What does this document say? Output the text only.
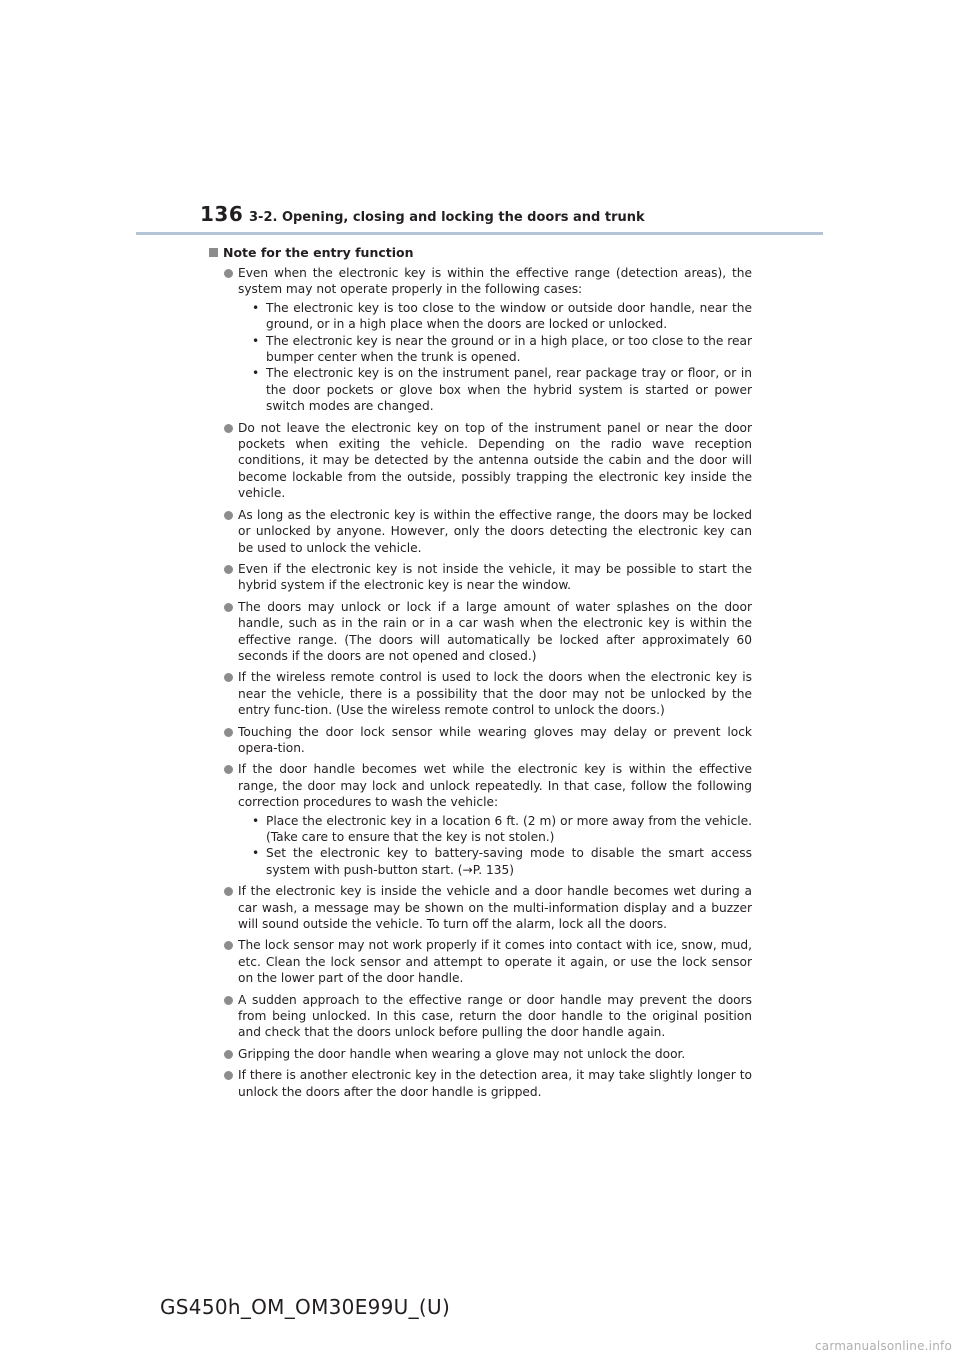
136 3-2. Opening, closing and locking the doors and trunk
Note for the entry function

Even when the electronic key is within the effective range (detection areas), the system may not operate properly in the following cases:

• The electronic key is too close to the window or outside door handle, near the ground, or in a high place when the doors are locked or unlocked.
• The electronic key is near the ground or in a high place, or too close to the rear bumper center when the trunk is opened.
• The electronic key is on the instrument panel, rear package tray or floor, or in the door pockets or glove box when the hybrid system is started or power switch modes are changed.

Do not leave the electronic key on top of the instrument panel or near the door pockets when exiting the vehicle. Depending on the radio wave reception conditions, it may be detected by the antenna outside the cabin and the door will become lockable from the outside, possibly trapping the electronic key inside the vehicle.

As long as the electronic key is within the effective range, the doors may be locked or unlocked by anyone. However, only the doors detecting the electronic key can be used to unlock the vehicle.

Even if the electronic key is not inside the vehicle, it may be possible to start the hybrid system if the electronic key is near the window.

The doors may unlock or lock if a large amount of water splashes on the door handle, such as in the rain or in a car wash when the electronic key is within the effective range. (The doors will automatically be locked after approximately 60 seconds if the doors are not opened and closed.)

If the wireless remote control is used to lock the doors when the electronic key is near the vehicle, there is a possibility that the door may not be unlocked by the entry func-tion. (Use the wireless remote control to unlock the doors.)

Touching the door lock sensor while wearing gloves may delay or prevent lock opera-tion.

If the door handle becomes wet while the electronic key is within the effective range, the door may lock and unlock repeatedly. In that case, follow the following correction procedures to wash the vehicle:

• Place the electronic key in a location 6 ft. (2 m) or more away from the vehicle. (Take care to ensure that the key is not stolen.)
• Set the electronic key to battery-saving mode to disable the smart access system with push-button start. (→P. 135)

If the electronic key is inside the vehicle and a door handle becomes wet during a car wash, a message may be shown on the multi-information display and a buzzer will sound outside the vehicle. To turn off the alarm, lock all the doors.

The lock sensor may not work properly if it comes into contact with ice, snow, mud, etc. Clean the lock sensor and attempt to operate it again, or use the lock sensor on the lower part of the door handle.

A sudden approach to the effective range or door handle may prevent the doors from being unlocked. In this case, return the door handle to the original position and check that the doors unlock before pulling the door handle again.

Gripping the door handle when wearing a glove may not unlock the door.

If there is another electronic key in the detection area, it may take slightly longer to unlock the doors after the door handle is gripped.

GS450h_OM_OM30E99U_(U)
carmanualsonline.info
